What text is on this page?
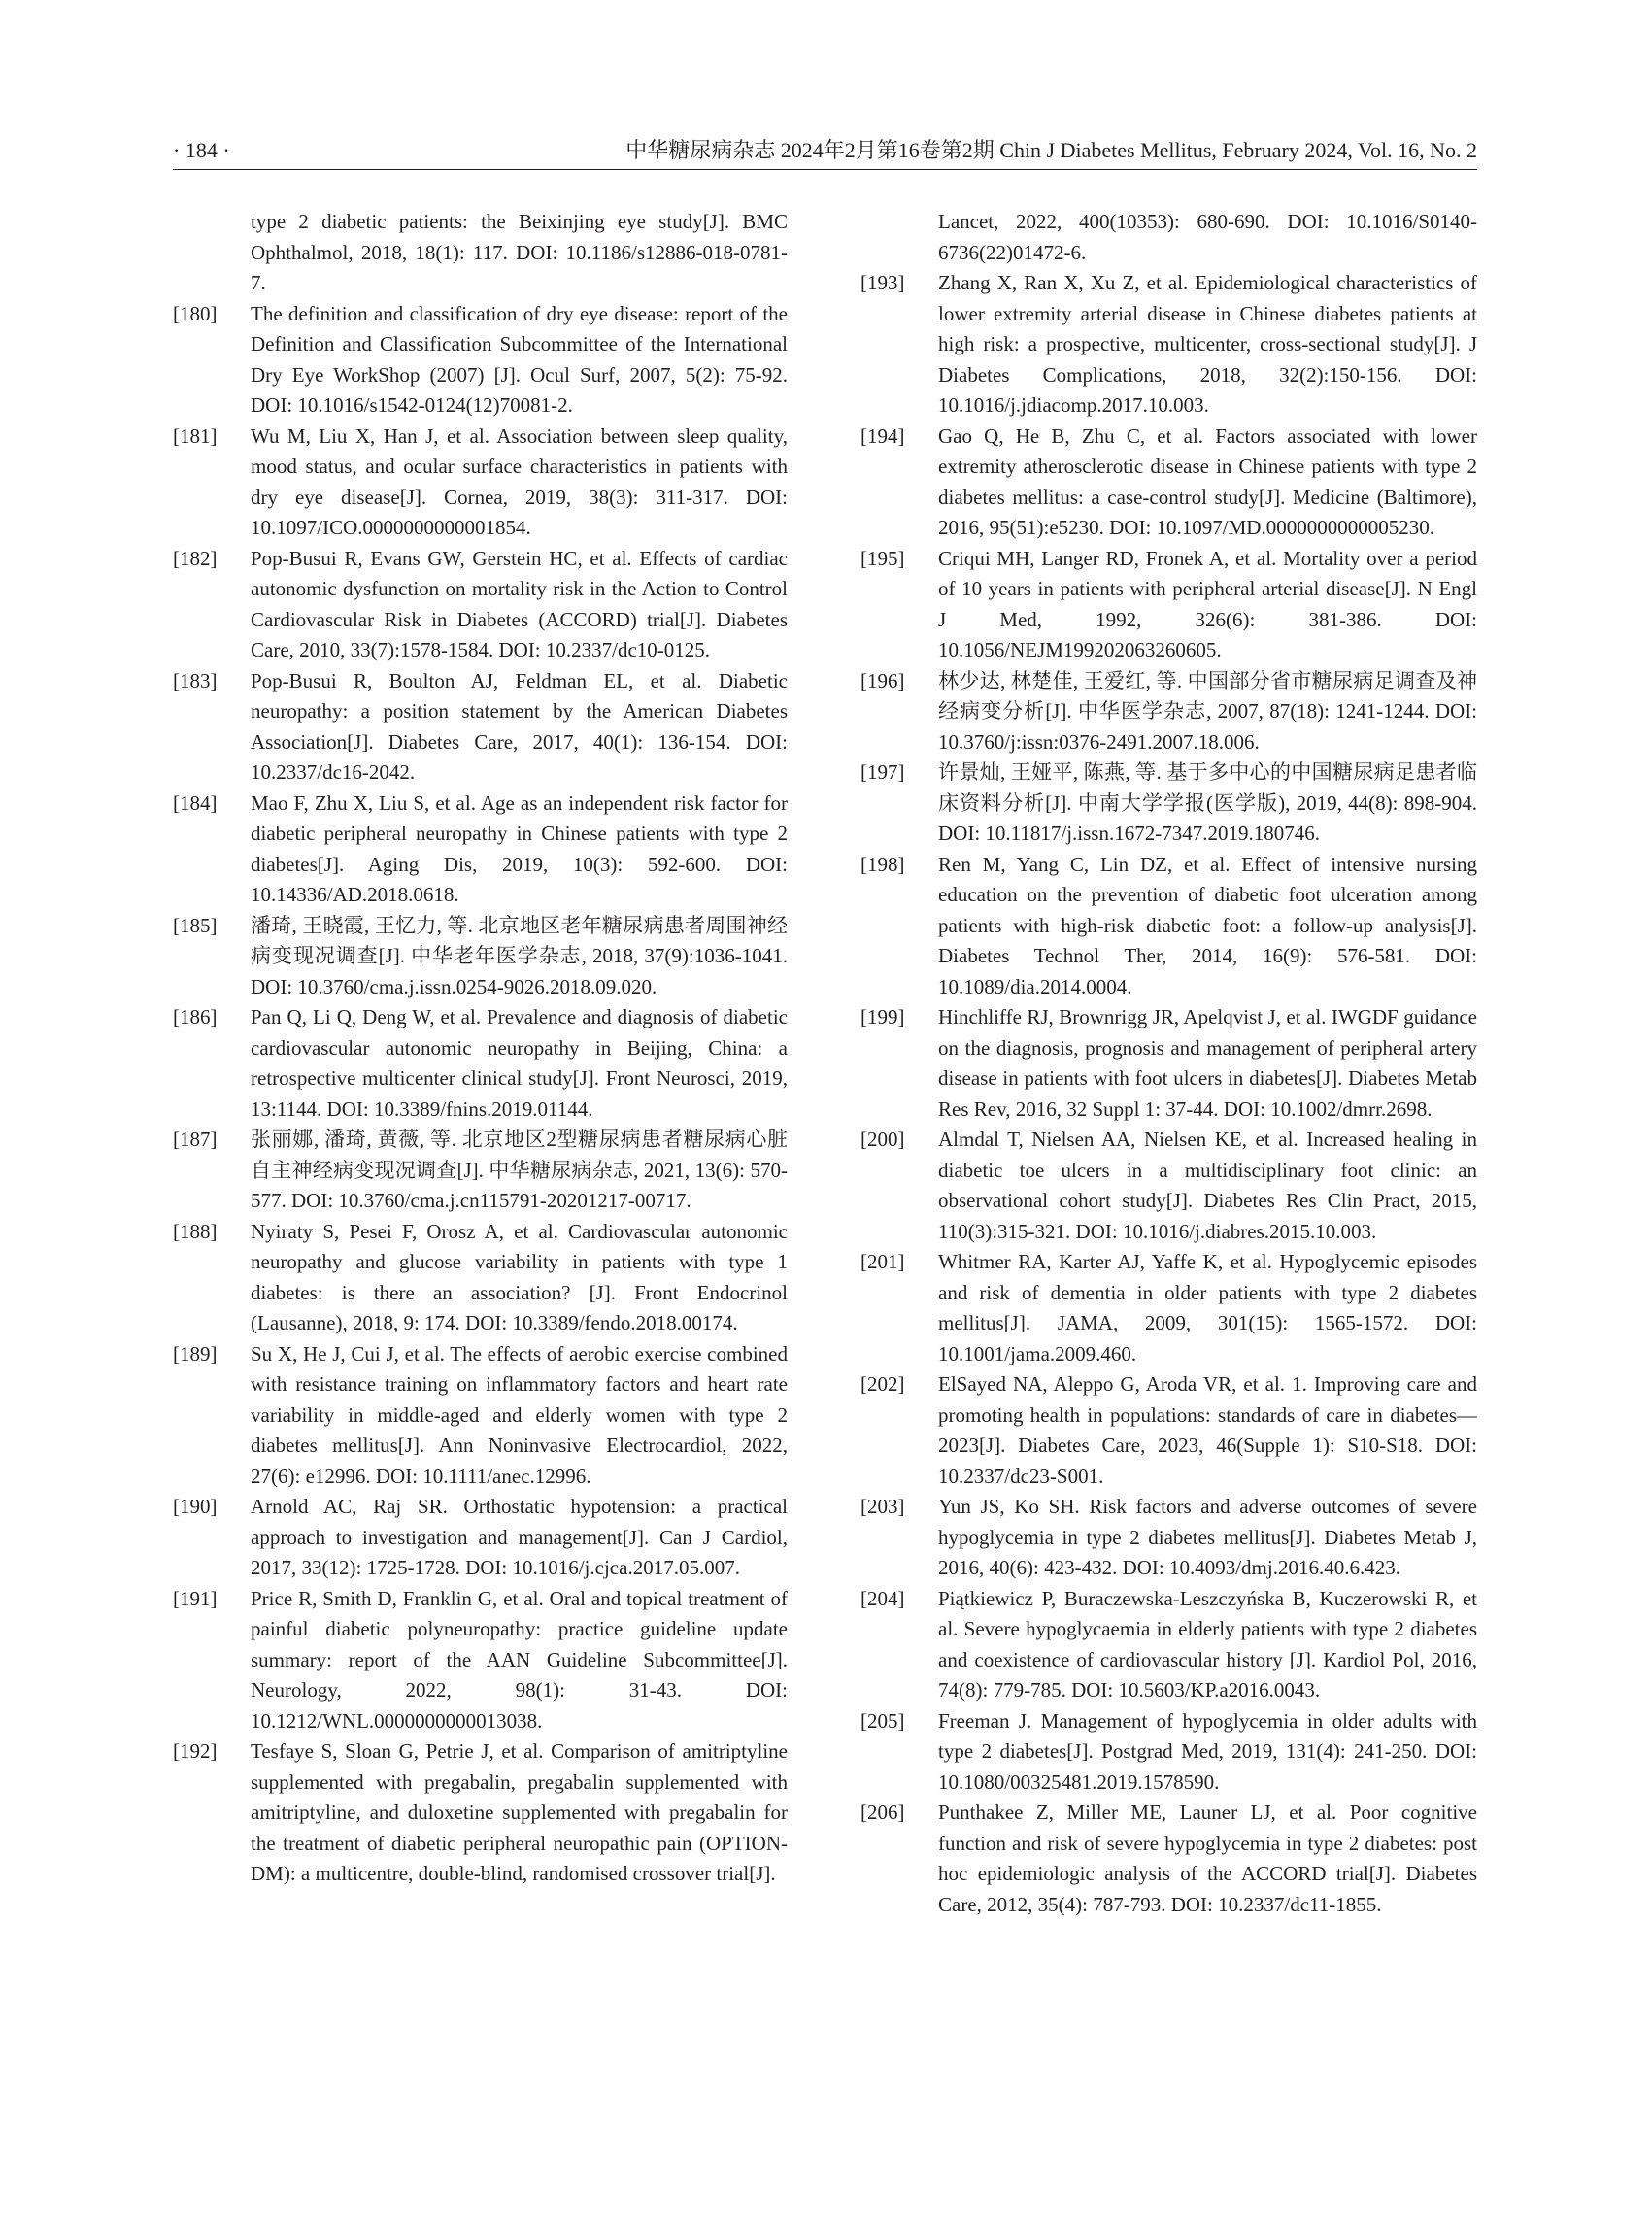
· 184 ·	中华糖尿病杂志 2024年2月第16卷第2期 Chin J Diabetes Mellitus, February 2024, Vol. 16, No. 2
type 2 diabetic patients: the Beixinjing eye study[J]. BMC Ophthalmol, 2018, 18(1): 117. DOI: 10.1186/s12886-018-0781-7.
[180] The definition and classification of dry eye disease: report of the Definition and Classification Subcommittee of the International Dry Eye WorkShop (2007) [J]. Ocul Surf, 2007, 5(2): 75-92. DOI: 10.1016/s1542-0124(12)70081-2.
[181] Wu M, Liu X, Han J, et al. Association between sleep quality, mood status, and ocular surface characteristics in patients with dry eye disease[J]. Cornea, 2019, 38(3): 311-317. DOI: 10.1097/ICO.0000000000001854.
[182] Pop-Busui R, Evans GW, Gerstein HC, et al. Effects of cardiac autonomic dysfunction on mortality risk in the Action to Control Cardiovascular Risk in Diabetes (ACCORD) trial[J]. Diabetes Care, 2010, 33(7):1578-1584. DOI: 10.2337/dc10-0125.
[183] Pop-Busui R, Boulton AJ, Feldman EL, et al. Diabetic neuropathy: a position statement by the American Diabetes Association[J]. Diabetes Care, 2017, 40(1): 136-154. DOI: 10.2337/dc16-2042.
[184] Mao F, Zhu X, Liu S, et al. Age as an independent risk factor for diabetic peripheral neuropathy in Chinese patients with type 2 diabetes[J]. Aging Dis, 2019, 10(3): 592-600. DOI: 10.14336/AD.2018.0618.
[185] 潘琦, 王晓霞, 王忆力, 等. 北京地区老年糖尿病患者周围神经病变现况调查[J]. 中华老年医学杂志, 2018, 37(9):1036-1041. DOI: 10.3760/cma.j.issn.0254-9026.2018.09.020.
[186] Pan Q, Li Q, Deng W, et al. Prevalence and diagnosis of diabetic cardiovascular autonomic neuropathy in Beijing, China: a retrospective multicenter clinical study[J]. Front Neurosci, 2019, 13:1144. DOI: 10.3389/fnins.2019.01144.
[187] 张丽娜, 潘琦, 黄薇, 等. 北京地区2型糖尿病患者糖尿病心脏自主神经病变现况调查[J]. 中华糖尿病杂志, 2021, 13(6): 570-577. DOI: 10.3760/cma.j.cn115791-20201217-00717.
[188] Nyiraty S, Pesei F, Orosz A, et al. Cardiovascular autonomic neuropathy and glucose variability in patients with type 1 diabetes: is there an association? [J]. Front Endocrinol (Lausanne), 2018, 9: 174. DOI: 10.3389/fendo.2018.00174.
[189] Su X, He J, Cui J, et al. The effects of aerobic exercise combined with resistance training on inflammatory factors and heart rate variability in middle-aged and elderly women with type 2 diabetes mellitus[J]. Ann Noninvasive Electrocardiol, 2022, 27(6): e12996. DOI: 10.1111/anec.12996.
[190] Arnold AC, Raj SR. Orthostatic hypotension: a practical approach to investigation and management[J]. Can J Cardiol, 2017, 33(12): 1725-1728. DOI: 10.1016/j.cjca.2017.05.007.
[191] Price R, Smith D, Franklin G, et al. Oral and topical treatment of painful diabetic polyneuropathy: practice guideline update summary: report of the AAN Guideline Subcommittee[J]. Neurology, 2022, 98(1): 31-43. DOI: 10.1212/WNL.0000000000013038.
[192] Tesfaye S, Sloan G, Petrie J, et al. Comparison of amitriptyline supplemented with pregabalin, pregabalin supplemented with amitriptyline, and duloxetine supplemented with pregabalin for the treatment of diabetic peripheral neuropathic pain (OPTION-DM): a multicentre, double-blind, randomised crossover trial[J].
Lancet, 2022, 400(10353): 680-690. DOI: 10.1016/S0140-6736(22)01472-6.
[193] Zhang X, Ran X, Xu Z, et al. Epidemiological characteristics of lower extremity arterial disease in Chinese diabetes patients at high risk: a prospective, multicenter, cross-sectional study[J]. J Diabetes Complications, 2018, 32(2):150-156. DOI: 10.1016/j.jdiacomp.2017.10.003.
[194] Gao Q, He B, Zhu C, et al. Factors associated with lower extremity atherosclerotic disease in Chinese patients with type 2 diabetes mellitus: a case-control study[J]. Medicine (Baltimore), 2016, 95(51):e5230. DOI: 10.1097/MD.0000000000005230.
[195] Criqui MH, Langer RD, Fronek A, et al. Mortality over a period of 10 years in patients with peripheral arterial disease[J]. N Engl J Med, 1992, 326(6): 381-386. DOI: 10.1056/NEJM199202063260605.
[196] 林少达, 林楚佳, 王爱红, 等. 中国部分省市糖尿病足调查及神经病变分析[J]. 中华医学杂志, 2007, 87(18): 1241-1244. DOI: 10.3760/j:issn:0376-2491.2007.18.006.
[197] 许景灿, 王娅平, 陈燕, 等. 基于多中心的中国糖尿病足患者临床资料分析[J]. 中南大学学报(医学版), 2019, 44(8): 898-904. DOI: 10.11817/j.issn.1672-7347.2019.180746.
[198] Ren M, Yang C, Lin DZ, et al. Effect of intensive nursing education on the prevention of diabetic foot ulceration among patients with high-risk diabetic foot: a follow-up analysis[J]. Diabetes Technol Ther, 2014, 16(9): 576-581. DOI: 10.1089/dia.2014.0004.
[199] Hinchliffe RJ, Brownrigg JR, Apelqvist J, et al. IWGDF guidance on the diagnosis, prognosis and management of peripheral artery disease in patients with foot ulcers in diabetes[J]. Diabetes Metab Res Rev, 2016, 32 Suppl 1: 37-44. DOI: 10.1002/dmrr.2698.
[200] Almdal T, Nielsen AA, Nielsen KE, et al. Increased healing in diabetic toe ulcers in a multidisciplinary foot clinic: an observational cohort study[J]. Diabetes Res Clin Pract, 2015, 110(3):315-321. DOI: 10.1016/j.diabres.2015.10.003.
[201] Whitmer RA, Karter AJ, Yaffe K, et al. Hypoglycemic episodes and risk of dementia in older patients with type 2 diabetes mellitus[J]. JAMA, 2009, 301(15): 1565-1572. DOI: 10.1001/jama.2009.460.
[202] ElSayed NA, Aleppo G, Aroda VR, et al. 1. Improving care and promoting health in populations: standards of care in diabetes—2023[J]. Diabetes Care, 2023, 46(Supple 1): S10-S18. DOI: 10.2337/dc23-S001.
[203] Yun JS, Ko SH. Risk factors and adverse outcomes of severe hypoglycemia in type 2 diabetes mellitus[J]. Diabetes Metab J, 2016, 40(6): 423-432. DOI: 10.4093/dmj.2016.40.6.423.
[204] Piątkiewicz P, Buraczewska-Leszczyńska B, Kuczerowski R, et al. Severe hypoglycaemia in elderly patients with type 2 diabetes and coexistence of cardiovascular history [J]. Kardiol Pol, 2016, 74(8): 779-785. DOI: 10.5603/KP.a2016.0043.
[205] Freeman J. Management of hypoglycemia in older adults with type 2 diabetes[J]. Postgrad Med, 2019, 131(4): 241-250. DOI: 10.1080/00325481.2019.1578590.
[206] Punthakee Z, Miller ME, Launer LJ, et al. Poor cognitive function and risk of severe hypoglycemia in type 2 diabetes: post hoc epidemiologic analysis of the ACCORD trial[J]. Diabetes Care, 2012, 35(4): 787-793. DOI: 10.2337/dc11-1855.
